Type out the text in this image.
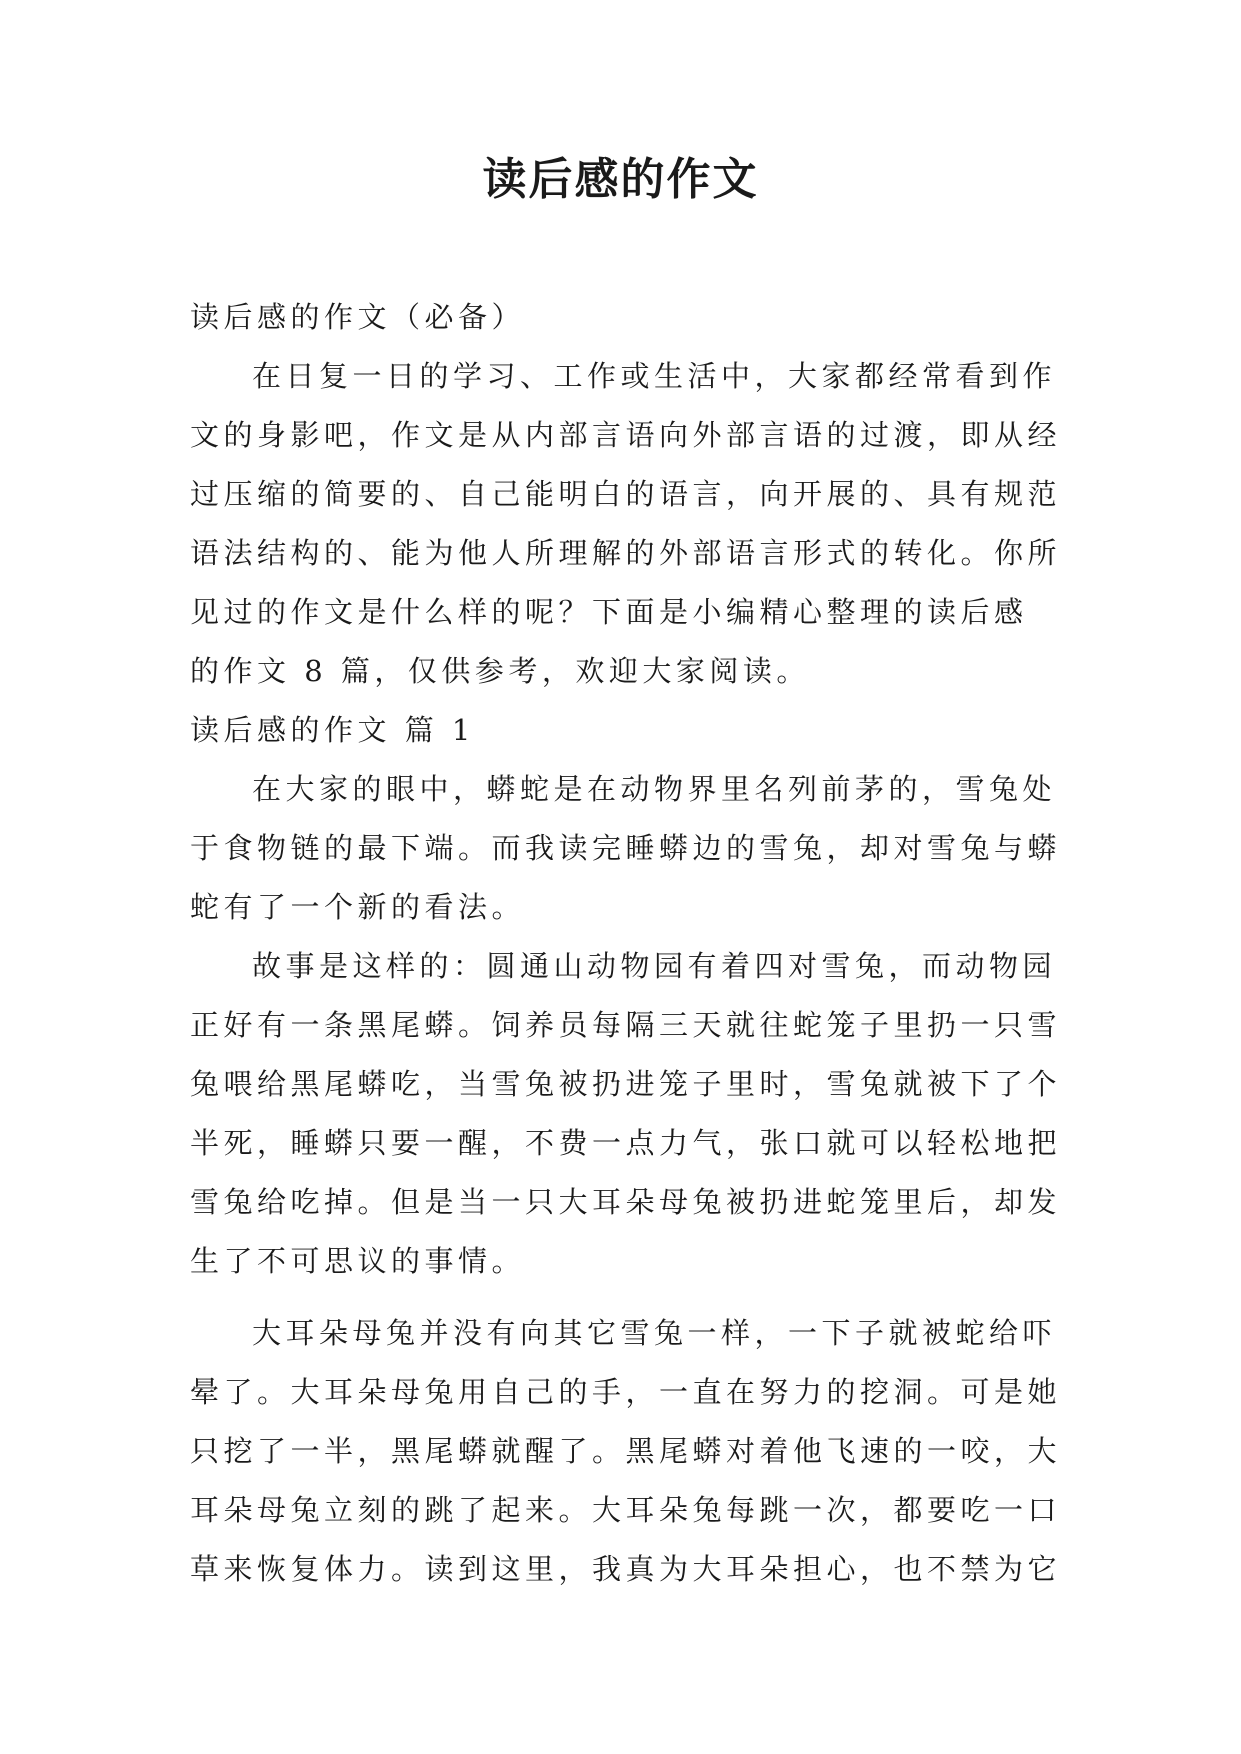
读后感的作文
读后感的作文（必备）
在日复一日的学习、工作或生活中，大家都经常看到作
文的身影吧，作文是从内部言语向外部言语的过渡，即从经
过压缩的简要的、自己能明白的语言，向开展的、具有规范
语法结构的、能为他人所理解的外部语言形式的转化。你所
见过的作文是什么样的呢？下面是小编精心整理的读后感
的作文 8 篇，仅供参考，欢迎大家阅读。
读后感的作文 篇 1
在大家的眼中，蟒蛇是在动物界里名列前茅的，雪兔处
于食物链的最下端。而我读完睡蟒边的雪兔，却对雪兔与蟒
蛇有了一个新的看法。
故事是这样的：圆通山动物园有着四对雪兔，而动物园
正好有一条黑尾蟒。饲养员每隔三天就往蛇笼子里扔一只雪
兔喂给黑尾蟒吃，当雪兔被扔进笼子里时，雪兔就被下了个
半死，睡蟒只要一醒，不费一点力气，张口就可以轻松地把
雪兔给吃掉。但是当一只大耳朵母兔被扔进蛇笼里后，却发
生了不可思议的事情。
大耳朵母兔并没有向其它雪兔一样，一下子就被蛇给吓
晕了。大耳朵母兔用自己的手，一直在努力的挖洞。可是她
只挖了一半，黑尾蟒就醒了。黑尾蟒对着他飞速的一咬，大
耳朵母兔立刻的跳了起来。大耳朵兔每跳一次，都要吃一口
草来恢复体力。读到这里，我真为大耳朵担心，也不禁为它
